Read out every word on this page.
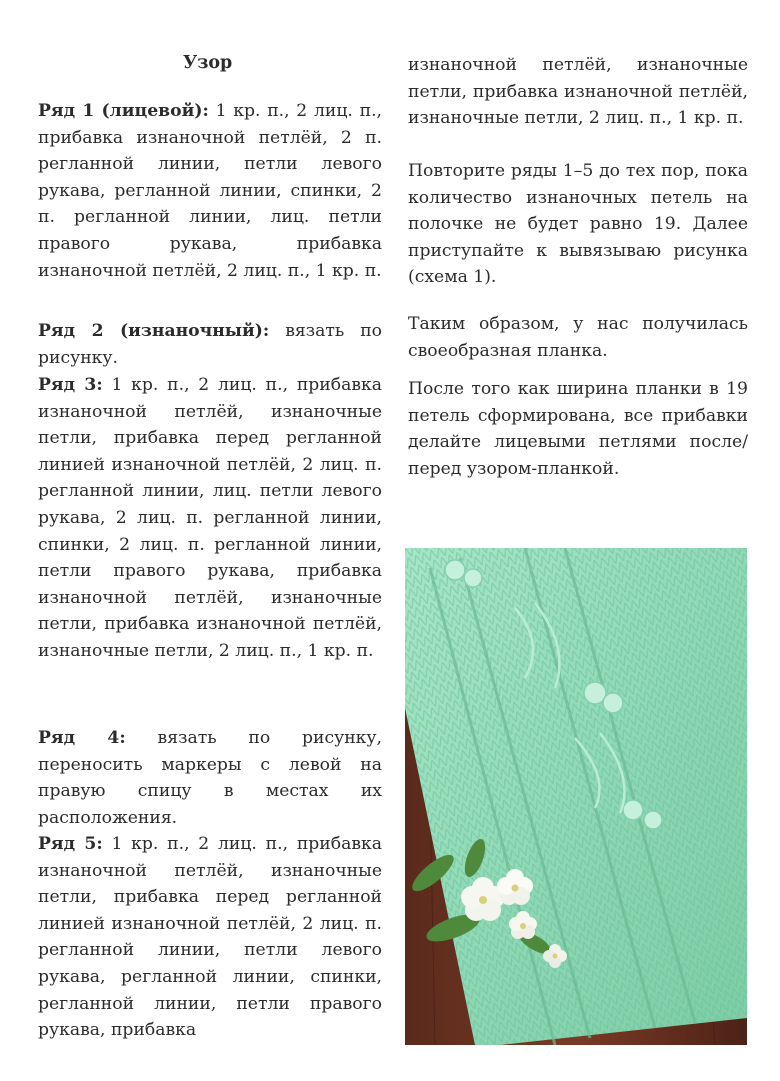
Узор

Ряд 1 (лицевой): 1 кр. п., 2 лиц. п., прибавка изнаночной петлёй, 2 п. регланной линии, петли левого рукава, регланной линии, спинки, 2 п. регланной линии, лиц. петли правого рукава, прибавка изнаночной петлёй, 2 лиц. п., 1 кр. п.

Ряд 2 (изнаночный): вязать по рисунку.

Ряд 3: 1 кр. п., 2 лиц. п., прибавка изнаночной петлёй, изнаночные петли, прибавка перед регланной линией изнаночной петлёй, 2 лиц. п. регланной линии, лиц. петли левого рукава, 2 лиц. п. регланной линии, спинки, 2 лиц. п. регланной линии, петли правого рукава, прибавка изнаночной петлёй, изнаночные петли, прибавка изнаночной петлёй, изнаночные петли, 2 лиц. п., 1 кр. п.

Ряд 4: вязать по рисунку, переносить маркеры с левой на правую спицу в местах их расположения.

Ряд 5: 1 кр. п., 2 лиц. п., прибавка изнаночной петлёй, изнаночные петли, прибавка перед регланной линией изнаночной петлёй, 2 лиц. п. регланной линии, петли левого рукава, регланной линии, спинки, регланной линии, петли правого рукава, прибавка

изнаночной петлёй, изнаночные петли, прибавка изнаночной петлёй, изнаночные петли, 2 лиц. п., 1 кр. п.

Повторите ряды 1–5 до тех пор, пока количество изнаночных петель на полочке не будет равно 19. Далее приступайте к вывязываю рисунка (схема 1).

Таким образом, у нас получилась своеобразная планка.

После того как ширина планки в 19 петель сформирована, все прибавки делайте лицевыми петлями после/перед узором-планкой.
